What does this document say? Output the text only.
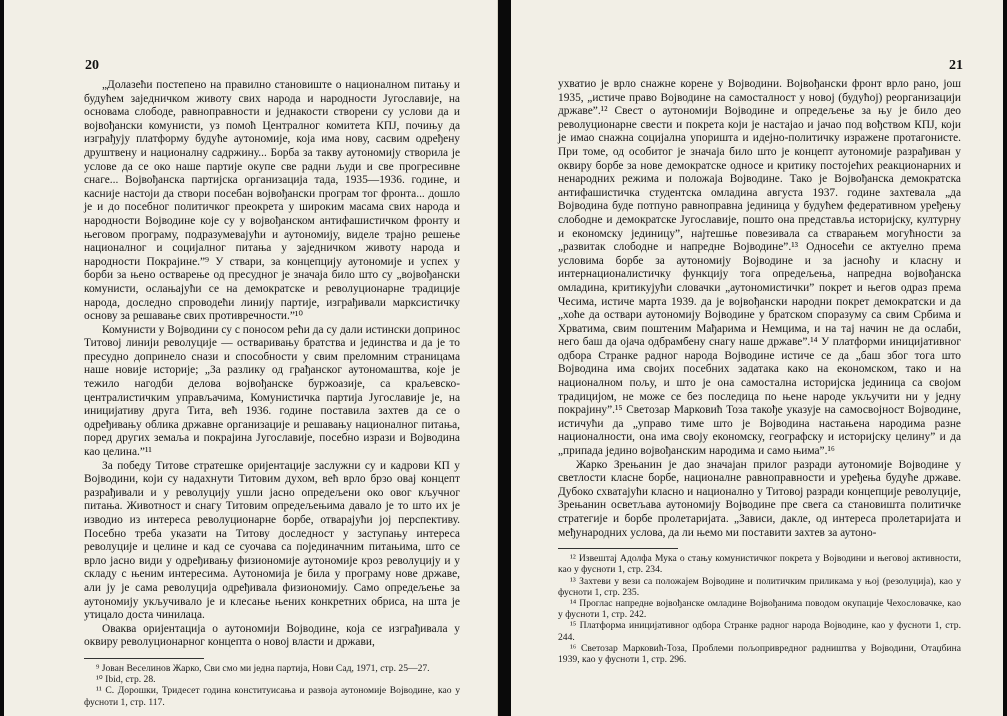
20

„Долазећи постепено на правилно становиште о националном питању и будућем заједничком животу свих народа и народности Југославије, на основама слободе, равноправности и једнакости створени су услови да и војвођански комунисти, уз помоћ Централног комитета КПЈ, почињу да изграђују платформу будуће аутономије, која има нову, сасвим одређену друштвену и националну садржину... Борба за такву аутономију створила је услове да се око наше партије окупе све радни људи и све прогресивне снаге... Војвођанска партијска организација тада, 1935—1936. године, и касније настоји да створи посебан војвођански програм тог фронта... дошло је и до посебног политичког преокрета у широким масама свих народа и народности Војводине које су у војвођанском антифашистичком фронту и његовом програму, подразумевајући и аутономију, виделе трајно решење националног и социјалног питања у заједничком животу народа и народности Покрајине.”⁹ У ствари, за концепцију аутономије и успех у борби за њено остварење од пресудног је значаја било што су „војвођански комунисти, ослањајући се на демократске и револуционарне традиције народа, доследно спроводећи линију партије, изграђивали марксистичку основу за решавање свих противречности.”¹⁰

Комунисти у Војводини су с поносом рећи да су дали истински допринос Титовој линији револуције — остваривању братства и јединства и да је то пресудно допринело снази и способности у свим преломним страницама наше новије историје; „За разлику од грађанског аутономаштва, које је тежило нагодби делова војвођанске буржоазије, са краљевско-централистичким управљачима, Комунистичка партија Југославије је, на иницијативу друга Тита, већ 1936. године поставила захтев да се о одређивању облика државне организације и решавању националног питања, поред других земаља и покрајина Југославије, посебно изрази и Војводина као целина.”¹¹

За победу Титове стратешке оријентације заслужни су и кадрови КП у Војводини, који су надахнути Титовим духом, већ врло брзо овај концепт разрађивали и у револуцију ушли јасно опредељени око овог кључног питања. Животност и снагу Титовим опредељењима давало је то што их је изводио из интереса револуционарне борбе, отварајући јој перспективу. Посебно треба указати на Титову доследност у заступању интереса револуције и целине и кад се суочава са појединачним питањима, што се врло јасно види у одређивању физиономије аутономије кроз револуцију и у складу с њеним интересима. Аутономија је била у програму нове државе, али ју је сама револуција одређивала физиономију. Само опредељење за аутономију укључивало је и клесање њених конкретних обриса, на шта је утицало доста чинилаца.

Оваква оријентација о аутономији Војводине, која се изграђивала у оквиру револуционарног концепта о новој власти и држави,

⁹ Јован Веселинов Жарко, Сви смо ми једна партија, Нови Сад, 1971, стр. 25—27.
¹⁰ Ibid, стр. 28.
¹¹ С. Дорошки, Тридесет година конституисања и развоја аутономије Војводине, као у фусноти 1, стр. 117.
21

ухватио је врло снажне корене у Војводини. Војвођански фронт врло рано, још 1935, „истиче право Војводине на самосталност у новој (будућој) реорганизацији државе”.¹² Свест о аутономији Војводине и опредељење за њу је било део револуционарне свести и покрета који је настајао и јачао под вођством КПЈ, који је имао снажна социјална упоришта и идејно-политичку изражене протагонисте. При томе, од особитог је значаја било што је концепт аутономије разрађиван у оквиру борбе за нове демократске односе и критику постојећих реакционарних и ненародних режима и положаја Војводине. Тако је Војвођанска демократска антифашистичка студентска омладина августа 1937. године захтевала „да Војводина буде потпуно равноправна јединица у будућем федеративном уређењу слободне и демократске Југославије, пошто она представља историјску, културну и економску јединицу”, најтешње повезивала са стварањем могућности за „развитак слободне и напредне Војводине”.¹³ Односећи се актуелно према условима борбе за аутономију Војводине и за јасноћу и класну и интернационалистичку функцију тога опредељења, напредна војвођанска омладина, критикујући словачки „аутономистички” покрет и његов одраз према Чесима, истиче марта 1939. да је војвођански народни покрет демократски и да „хоће да оствари аутономију Војводине у братском споразуму са свим Србима и Хрватима, свим поштеним Мађарима и Немцима, и на тај начин не да ослаби, него баш да ојача одбрамбену снагу наше државе”.¹⁴ У платформи иницијативног одбора Странке радног народа Војводине истиче се да „баш због тога што Војводина има својих посебних задатака како на економском, тако и на националном пољу, и што је она самостална историјска јединица са својом традицијом, не може се без последица по њене народе укључити ни у једну покрајину”.¹⁵ Светозар Марковић Тоза такође указује на самосвојност Војводине, истичући да „управо тиме што је Војводина настањена народима разне националности, она има своју економску, географску и историјску целину” и да „припада једино војвођанским народима и само њима”.¹⁶

Жарко Зрењанин је дао значајан прилог разради аутономије Војводине у светлости класне борбе, националне равноправности и уређења будуће државе. Дубоко схватајући класно и национално у Титовој разради концепције револуције, Зрењанин осветљава аутономију Војводине пре свега са становишта политичке стратегије и борбе пролетаријата. „Зависи, дакле, од интереса пролетаријата и међународних услова, да ли њемо ми поставити захтев за аутоно-

¹² Извештај Адолфа Мука о стању комунистичког покрета у Војводини и његовој активности, као у фусноти 1, стр. 234.
¹³ Захтеви у вези са положајем Војводине и политичким приликама у њој (резолуција), као у фусноти 1, стр. 235.
¹⁴ Проглас напредне војвођанске омладине Војвођанима поводом окупације Чехословачке, као у фусноти 1, стр. 242.
¹⁵ Платформа иницијативног одбора Странке радног народа Војводине, као у фусноти 1, стр. 244.
¹⁶ Светозар Марковић-Тоза, Проблеми пољопривредног радништва у Војводини, Отаџбина 1939, као у фусноти 1, стр. 296.
